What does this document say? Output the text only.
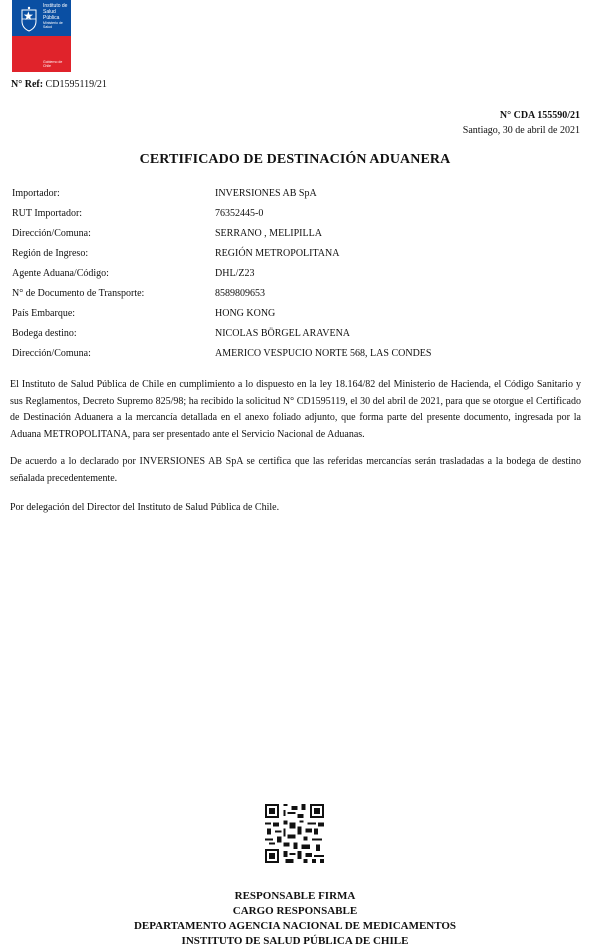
★
Instituto de
Salud Pública
Ministerio de Salud
Gobierno de Chile
N° Ref: CD1595119/21
N° CDA 155590/21
Santiago, 30 de abril de 2021
CERTIFICADO DE DESTINACIÓN ADUANERA
Importador:	INVERSIONES AB SpA
RUT Importador:	76352445-0
Dirección/Comuna:	SERRANO , MELIPILLA
Región de Ingreso:	REGIÓN METROPOLITANA
Agente Aduana/Código:	DHL/Z23
N° de Documento de Transporte:	8589809653
País Embarque:	HONG KONG
Bodega destino:	NICOLAS BÖRGEL ARAVENA
Dirección/Comuna:	AMERICO VESPUCIO NORTE 568, LAS CONDES
El Instituto de Salud Pública de Chile en cumplimiento a lo dispuesto en la ley 18.164/82 del Ministerio de Hacienda, el Código Sanitario y sus Reglamentos, Decreto Supremo 825/98; ha recibido la solicitud N° CD1595119, el 30 del abril de 2021, para que se otorgue el Certificado de Destinación Aduanera a la mercancía detallada en el anexo foliado adjunto, que forma parte del presente documento, ingresada por la Aduana METROPOLITANA, para ser presentado ante el Servicio Nacional de Aduanas.
De acuerdo a lo declarado por INVERSIONES AB SpA se certifica que las referidas mercancías serán trasladadas a la bodega de destino señalada precedentemente.
Por delegación del Director del Instituto de Salud Pública de Chile.
RESPONSABLE FIRMA
CARGO RESPONSABLE
DEPARTAMENTO AGENCIA NACIONAL DE MEDICAMENTOS
INSTITUTO DE SALUD PÚBLICA DE CHILE
